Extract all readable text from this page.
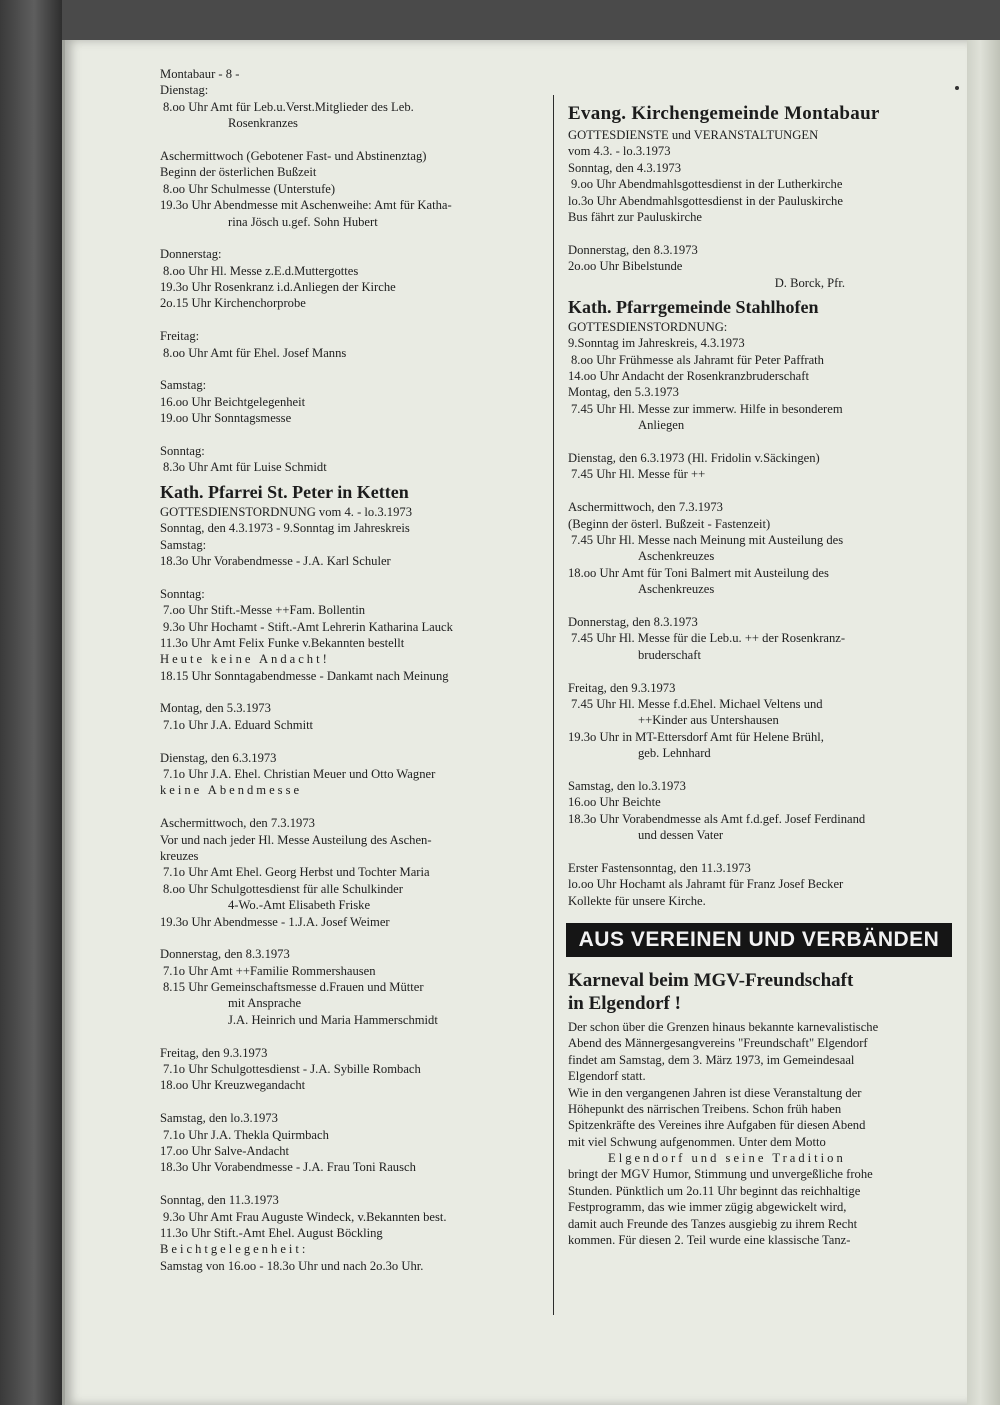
Montabaur - 8 -
Dienstag:
8.oo Uhr Amt für Leb.u.Verst.Mitglieder des Leb.
Rosenkranzes
Aschermittwoch (Gebotener Fast- und Abstinenztag)
Beginn der österlichen Bußzeit
8.oo Uhr Schulmesse (Unterstufe)
19.3o Uhr Abendmesse mit Aschenweihe: Amt für Katha-
rina Jösch u.gef. Sohn Hubert
Donnerstag:
8.oo Uhr Hl. Messe z.E.d.Muttergottes
19.3o Uhr Rosenkranz i.d.Anliegen der Kirche
2o.15 Uhr Kirchenchorprobe
Freitag:
8.oo Uhr Amt für Ehel. Josef Manns
Samstag:
16.oo Uhr Beichtgelegenheit
19.oo Uhr Sonntagsmesse
Sonntag:
8.3o Uhr Amt für Luise Schmidt
Kath. Pfarrei St. Peter in Ketten
GOTTESDIENSTORDNUNG vom 4. - lo.3.1973
Sonntag, den 4.3.1973 - 9.Sonntag im Jahreskreis
Samstag:
18.3o Uhr Vorabendmesse - J.A. Karl Schuler
Sonntag:
7.oo Uhr Stift.-Messe ++Fam. Bollentin
9.3o Uhr Hochamt - Stift.-Amt Lehrerin Katharina Lauck
11.3o Uhr Amt Felix Funke v.Bekannten bestellt
Heute keine Andacht!
18.15 Uhr Sonntagabendmesse - Dankamt nach Meinung
Montag, den 5.3.1973
7.1o Uhr J.A. Eduard Schmitt
Dienstag, den 6.3.1973
7.1o Uhr J.A. Ehel. Christian Meuer und Otto Wagner
keine Abendmesse
Aschermittwoch, den 7.3.1973
Vor und nach jeder Hl. Messe Austeilung des Aschen-
kreuzes
7.1o Uhr Amt Ehel. Georg Herbst und Tochter Maria
8.oo Uhr Schulgottesdienst für alle Schulkinder
4-Wo.-Amt Elisabeth Friske
19.3o Uhr Abendmesse - 1.J.A. Josef Weimer
Donnerstag, den 8.3.1973
7.1o Uhr Amt ++Familie Rommershausen
8.15 Uhr Gemeinschaftsmesse d.Frauen und Mütter
mit Ansprache
J.A. Heinrich und Maria Hammerschmidt
Freitag, den 9.3.1973
7.1o Uhr Schulgottesdienst - J.A. Sybille Rombach
18.oo Uhr Kreuzwegandacht
Samstag, den lo.3.1973
7.1o Uhr J.A. Thekla Quirmbach
17.oo Uhr Salve-Andacht
18.3o Uhr Vorabendmesse - J.A. Frau Toni Rausch
Sonntag, den 11.3.1973
9.3o Uhr Amt Frau Auguste Windeck, v.Bekannten best.
11.3o Uhr Stift.-Amt Ehel. August Böckling
Beichtgelegenheit:
Samstag von 16.oo - 18.3o Uhr und nach 2o.3o Uhr.
Evang. Kirchengemeinde Montabaur
GOTTESDIENSTE und VERANSTALTUNGEN
vom 4.3. - lo.3.1973
Sonntag, den 4.3.1973
9.oo Uhr Abendmahlsgottesdienst in der Lutherkirche
lo.3o Uhr Abendmahlsgottesdienst in der Pauluskirche
Bus fährt zur Pauluskirche
Donnerstag, den 8.3.1973
2o.oo Uhr Bibelstunde
D. Borck, Pfr.
Kath. Pfarrgemeinde Stahlhofen
GOTTESDIENSTORDNUNG:
9.Sonntag im Jahreskreis, 4.3.1973
8.oo Uhr Frühmesse als Jahramt für Peter Paffrath
14.oo Uhr Andacht der Rosenkranzbruderschaft
Montag, den 5.3.1973
7.45 Uhr Hl. Messe zur immerw. Hilfe in besonderem
Anliegen
Dienstag, den 6.3.1973 (Hl. Fridolin v.Säckingen)
7.45 Uhr Hl. Messe für ++
Aschermittwoch, den 7.3.1973
(Beginn der österl. Bußzeit - Fastenzeit)
7.45 Uhr Hl. Messe nach Meinung mit Austeilung des
Aschenkreuzes
18.oo Uhr Amt für Toni Balmert mit Austeilung des
Aschenkreuzes
Donnerstag, den 8.3.1973
7.45 Uhr Hl. Messe für die Leb.u. ++ der Rosenkranz-
bruderschaft
Freitag, den 9.3.1973
7.45 Uhr Hl. Messe f.d.Ehel. Michael Veltens und
++Kinder aus Untershausen
19.3o Uhr in MT-Ettersdorf Amt für Helene Brühl,
geb. Lehnhard
Samstag, den lo.3.1973
16.oo Uhr Beichte
18.3o Uhr Vorabendmesse als Amt f.d.gef. Josef Ferdinand
und dessen Vater
Erster Fastensonntag, den 11.3.1973
lo.oo Uhr Hochamt als Jahramt für Franz Josef Becker
Kollekte für unsere Kirche.
AUS VEREINEN UND VERBÄNDEN
Karneval beim MGV-Freundschaft
in Elgendorf !
Der schon über die Grenzen hinaus bekannte karnevalistische
Abend des Männergesangvereins "Freundschaft" Elgendorf
findet am Samstag, dem 3. März 1973, im Gemeindesaal
Elgendorf statt.
Wie in den vergangenen Jahren ist diese Veranstaltung der
Höhepunkt des närrischen Treibens. Schon früh haben
Spitzenkräfte des Vereines ihre Aufgaben für diesen Abend
mit viel Schwung aufgenommen. Unter dem Motto
Elgendorf und seine Tradition
bringt der MGV Humor, Stimmung und unvergeßliche frohe
Stunden. Pünktlich um 2o.11 Uhr beginnt das reichhaltige
Festprogramm, das wie immer zügig abgewickelt wird,
damit auch Freunde des Tanzes ausgiebig zu ihrem Recht
kommen. Für diesen 2. Teil wurde eine klassische Tanz-
